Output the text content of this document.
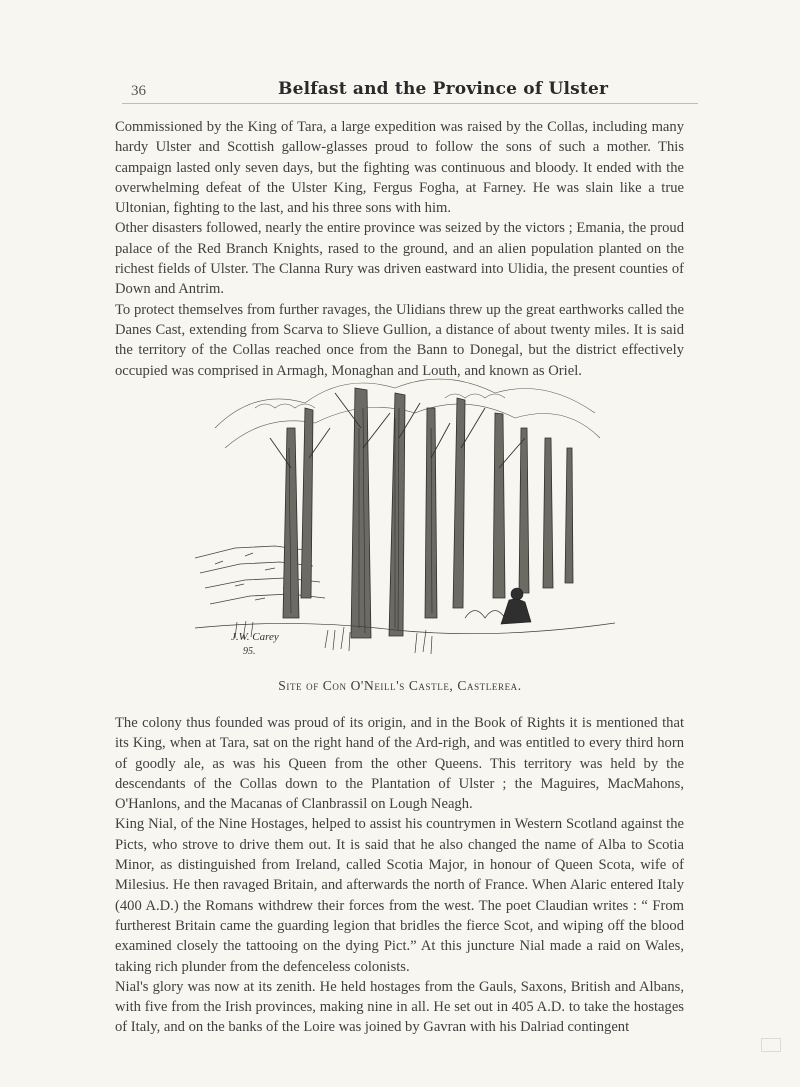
36	Belfast and the Province of Ulster

Commissioned by the King of Tara, a large expedition was raised by the Collas, including many hardy Ulster and Scottish gallow-glasses proud to follow the sons of such a mother. This campaign lasted only seven days, but the fighting was continuous and bloody. It ended with the overwhelming defeat of the Ulster King, Fergus Fogha, at Farney. He was slain like a true Ultonian, fighting to the last, and his three sons with him.

Other disasters followed, nearly the entire province was seized by the victors ; Emania, the proud palace of the Red Branch Knights, rased to the ground, and an alien population planted on the richest fields of Ulster. The Clanna Rury was driven eastward into Ulidia, the present counties of Down and Antrim.

To protect themselves from further ravages, the Ulidians threw up the great earthworks called the Danes Cast, extending from Scarva to Slieve Gullion, a distance of about twenty miles. It is said the territory of the Collas reached once from the Bann to Donegal, but the district effectively occupied was comprised in Armagh, Monaghan and Louth, and known as Oriel.

J.W. Carey
95.
Site of Con O'Neill's Castle, Castlerea.

The colony thus founded was proud of its origin, and in the Book of Rights it is mentioned that its King, when at Tara, sat on the right hand of the Ard-righ, and was entitled to every third horn of goodly ale, as was his Queen from the other Queens. This territory was held by the descendants of the Collas down to the Plantation of Ulster ; the Maguires, MacMahons, O'Hanlons, and the Macanas of Clanbrassil on Lough Neagh.

King Nial, of the Nine Hostages, helped to assist his countrymen in Western Scotland against the Picts, who strove to drive them out. It is said that he also changed the name of Alba to Scotia Minor, as distinguished from Ireland, called Scotia Major, in honour of Queen Scota, wife of Milesius. He then ravaged Britain, and afterwards the north of France. When Alaric entered Italy (400 A.D.) the Romans withdrew their forces from the west. The poet Claudian writes : “ From furtherest Britain came the guarding legion that bridles the fierce Scot, and wiping off the blood examined closely the tattooing on the dying Pict.” At this juncture Nial made a raid on Wales, taking rich plunder from the defenceless colonists.

Nial's glory was now at its zenith. He held hostages from the Gauls, Saxons, British and Albans, with five from the Irish provinces, making nine in all. He set out in 405 A.D. to take the hostages of Italy, and on the banks of the Loire was joined by Gavran with his Dalriad contingent
